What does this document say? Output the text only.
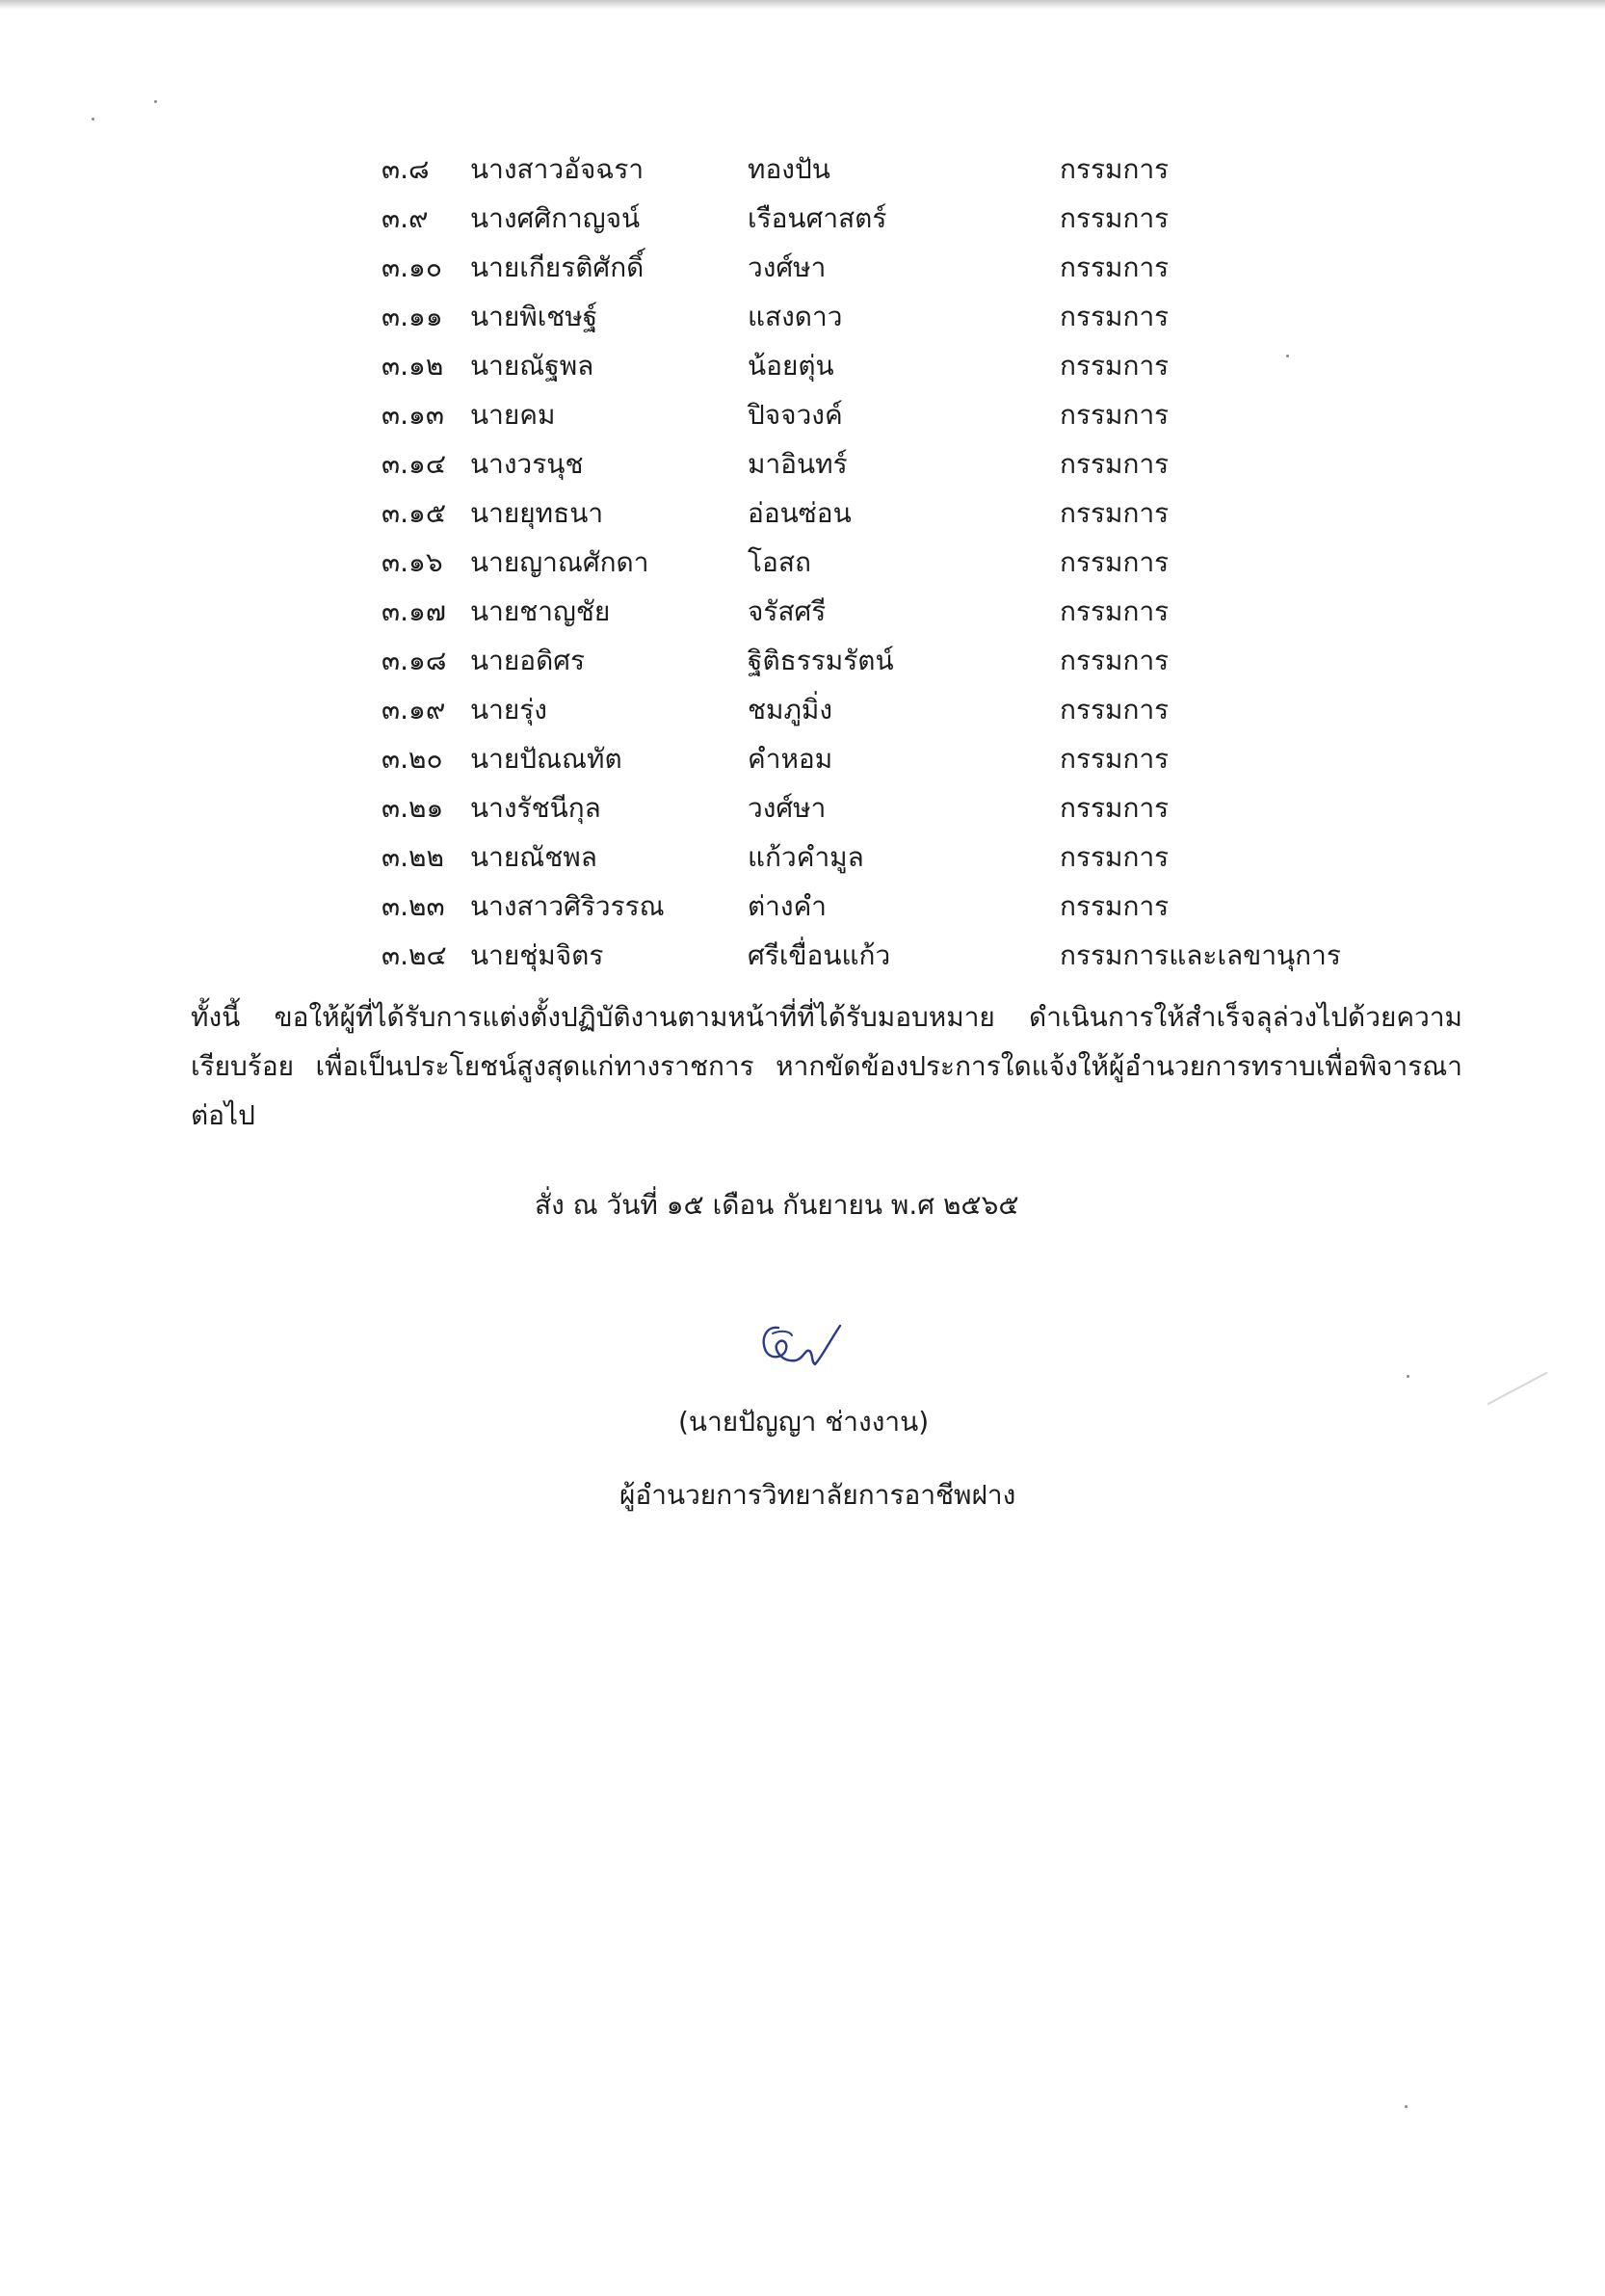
๓.๘ นางสาวอัจฉรา	ทองปัน	กรรมการ
๓.๙ นางศศิกาญจน์	เรือนศาสตร์	กรรมการ
๓.๑๐ นายเกียรติศักดิ์	วงศ์ษา	กรรมการ
๓.๑๑ นายพิเชษฐ์	แสงดาว	กรรมการ
๓.๑๒ นายณัฐพล	น้อยตุ่น	กรรมการ
๓.๑๓ นายคม	ปิจจวงค์	กรรมการ
๓.๑๔ นางวรนุช	มาอินทร์	กรรมการ
๓.๑๕ นายยุทธนา	อ่อนซ่อน	กรรมการ
๓.๑๖ นายญาณศักดา	โอสถ	กรรมการ
๓.๑๗ นายชาญชัย	จรัสศรี	กรรมการ
๓.๑๘ นายอดิศร	ฐิติธรรมรัตน์	กรรมการ
๓.๑๙ นายรุ่ง	ชมภูมิ่ง	กรรมการ
๓.๒๐ นายปัณณทัต	คำหอม	กรรมการ
๓.๒๑ นางรัชนีกุล	วงศ์ษา	กรรมการ
๓.๒๒ นายณัชพล	แก้วคำมูล	กรรมการ
๓.๒๓ นางสาวศิริวรรณ	ต่างคำ	กรรมการ
๓.๒๔ นายชุ่มจิตร	ศรีเขื่อนแก้ว	กรรมการและเลขานุการ

ทั้งนี้ ขอให้ผู้ที่ได้รับการแต่งตั้งปฏิบัติงานตามหน้าที่ที่ได้รับมอบหมาย ดำเนินการให้สำเร็จลุล่วงไปด้วยความเรียบร้อย เพื่อเป็นประโยชน์สูงสุดแก่ทางราชการ หากขัดข้องประการใดแจ้งให้ผู้อำนวยการทราบเพื่อพิจารณาต่อไป

สั่ง ณ วันที่ ๑๕ เดือน กันยายน พ.ศ ๒๕๖๕
(นายปัญญา ช่างงาน)
ผู้อำนวยการวิทยาลัยการอาชีพฝาง
